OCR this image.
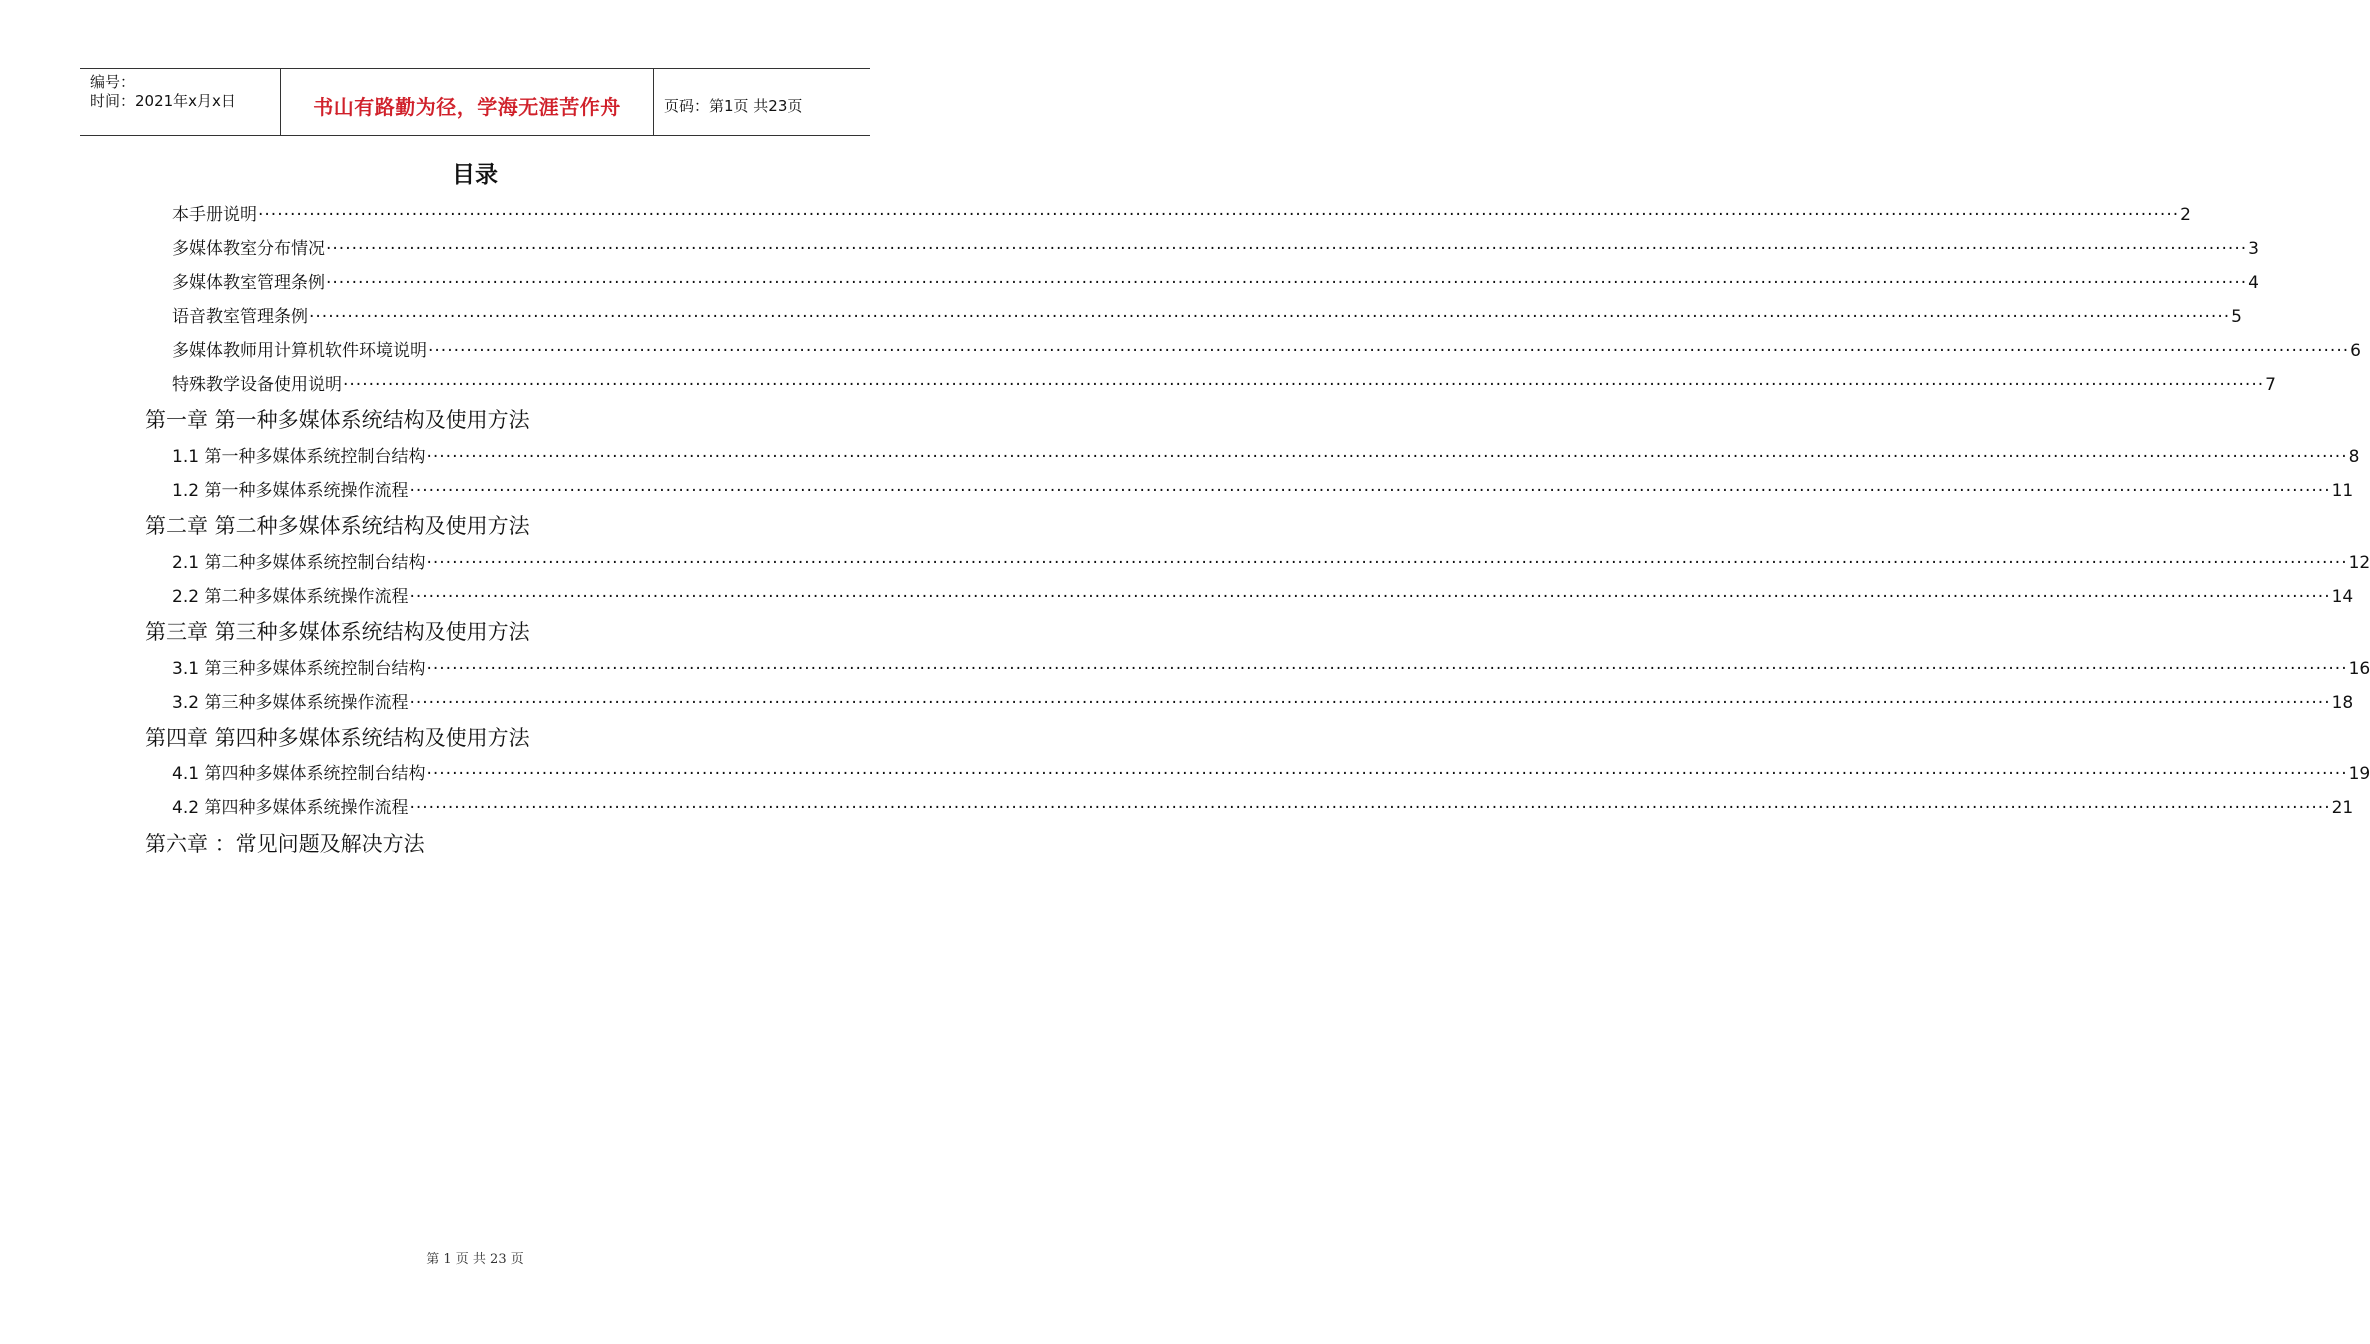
编号：
时间：2021年x月x日	书山有路勤为径，学海无涯苦作舟	页码：第1页 共23页
目录
本手册说明 ············································································································································································································································································································ 2
多媒体教室分布情况 ············································································································································································································································································································ 3
多媒体教室管理条例 ············································································································································································································································································································ 4
语音教室管理条例 ············································································································································································································································································································ 5
多媒体教师用计算机软件环境说明 ············································································································································································································································································································ 6
特殊教学设备使用说明 ············································································································································································································································································································ 7
第一章 第一种多媒体系统结构及使用方法
1.1 第一种多媒体系统控制台结构 ············································································································································································································································································································ 8
1.2 第一种多媒体系统操作流程 ············································································································································································································································································································ 11
第二章 第二种多媒体系统结构及使用方法
2.1 第二种多媒体系统控制台结构 ············································································································································································································································································································ 12
2.2 第二种多媒体系统操作流程 ············································································································································································································································································································ 14
第三章 第三种多媒体系统结构及使用方法
3.1 第三种多媒体系统控制台结构 ············································································································································································································································································································ 16
3.2 第三种多媒体系统操作流程 ············································································································································································································································································································ 18
第四章 第四种多媒体系统结构及使用方法
4.1 第四种多媒体系统控制台结构 ············································································································································································································································································································ 19
4.2 第四种多媒体系统操作流程 ············································································································································································································································································································ 21
第六章 ：常见问题及解决方法
第 1 页 共 23 页
